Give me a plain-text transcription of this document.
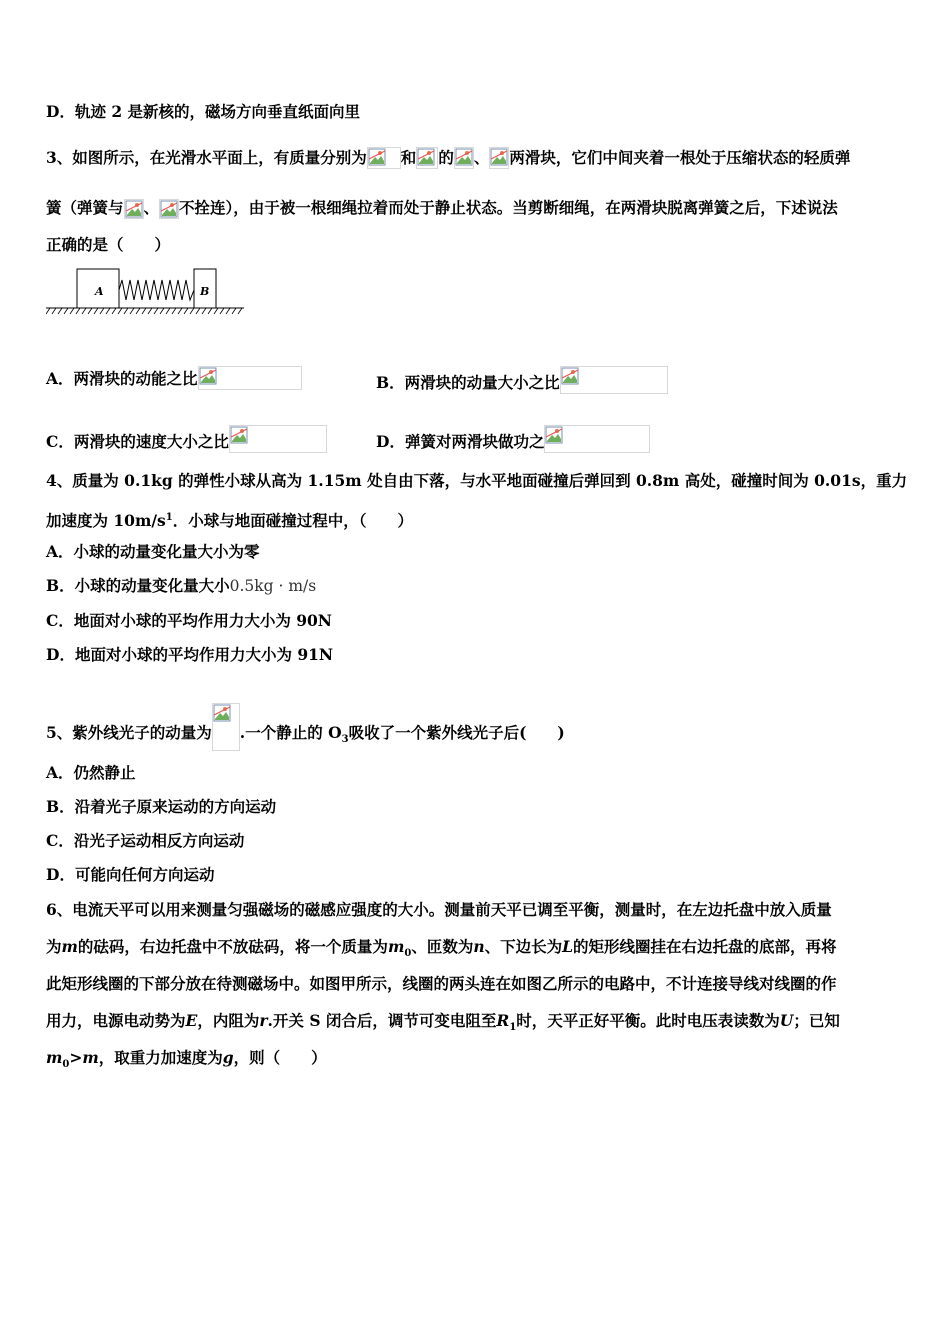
D．轨迹 2 是新核的，磁场方向垂直纸面向里
3、如图所示，在光滑水平面上，有质量分别为 和 的 、 两滑块，它们中间夹着一根处于压缩状态的轻质弹
簧（弹簧与 、 不拴连），由于被一根细绳拉着而处于静止状态。当剪断细绳，在两滑块脱离弹簧之后，下述说法
正确的是（　　）
A	B
A．两滑块的动能之比	B．两滑块的动量大小之比
C．两滑块的速度大小之比	D．弹簧对两滑块做功之
4、质量为 0.1kg 的弹性小球从高为 1.15m 处自由下落，与水平地面碰撞后弹回到 0.8m 高处，碰撞时间为 0.01s，重力
加速度为 $10m/s^1$．小球与地面碰撞过程中，（　　）
A．小球的动量变化量大小为零
B．小球的动量变化量大小0.5kg · m/s
C．地面对小球的平均作用力大小为 90N
D．地面对小球的平均作用力大小为 91N
5、紫外线光子的动量为 .一个静止的 $O_3$吸收了一个紫外线光子后(　　)
A．仍然静止
B．沿着光子原来运动的方向运动
C．沿光子运动相反方向运动
D．可能向任何方向运动
6、电流天平可以用来测量匀强磁场的磁感应强度的大小。测量前天平已调至平衡，测量时，在左边托盘中放入质量
为m的砝码，右边托盘中不放砝码，将一个质量为$m_0$、匝数为n、下边长为L的矩形线圈挂在右边托盘的底部，再将
此矩形线圈的下部分放在待测磁场中。如图甲所示，线圈的两头连在如图乙所示的电路中，不计连接导线对线圈的作
用力，电源电动势为E，内阻为r.开关 S 闭合后，调节可变电阻至$R_1$时，天平正好平衡。此时电压表读数为U；已知
$m_0>m$，取重力加速度为g，则（　　）
